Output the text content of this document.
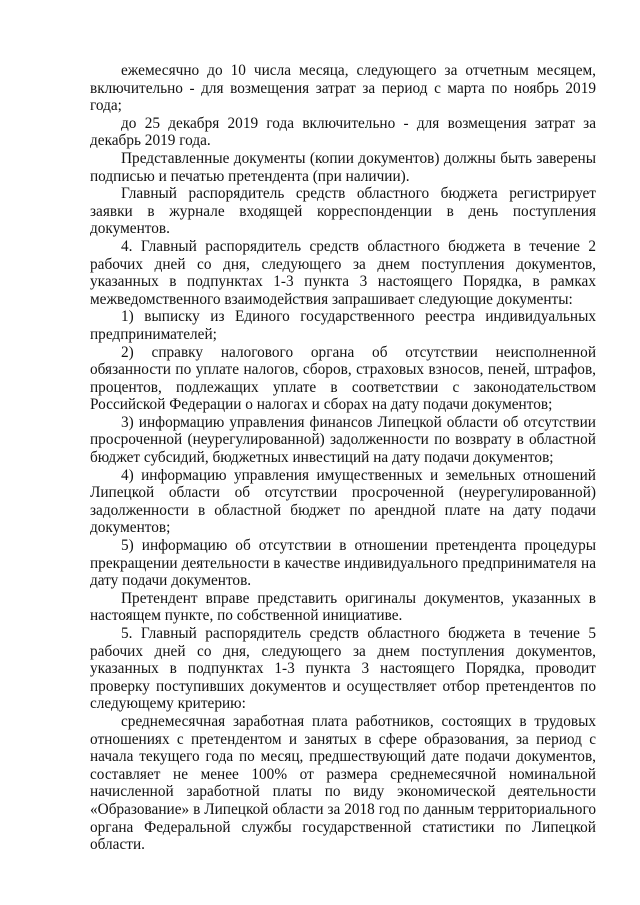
ежемесячно до 10 числа месяца, следующего за отчетным месяцем, включительно - для возмещения затрат за период с марта по ноябрь 2019 года;

до 25 декабря 2019 года включительно - для возмещения затрат за декабрь 2019 года.

Представленные документы (копии документов) должны быть заверены подписью и печатью претендента (при наличии).

Главный распорядитель средств областного бюджета регистрирует заявки в журнале входящей корреспонденции в день поступления документов.

4. Главный распорядитель средств областного бюджета в течение 2 рабочих дней со дня, следующего за днем поступления документов, указанных в подпунктах 1-3 пункта 3 настоящего Порядка, в рамках межведомственного взаимодействия запрашивает следующие документы:

1) выписку из Единого государственного реестра индивидуальных предпринимателей;

2) справку налогового органа об отсутствии неисполненной обязанности по уплате налогов, сборов, страховых взносов, пеней, штрафов, процентов, подлежащих уплате в соответствии с законодательством Российской Федерации о налогах и сборах на дату подачи документов;

3) информацию управления финансов Липецкой области об отсутствии просроченной (неурегулированной) задолженности по возврату в областной бюджет субсидий, бюджетных инвестиций на дату подачи документов;

4) информацию управления имущественных и земельных отношений Липецкой области об отсутствии просроченной (неурегулированной) задолженности в областной бюджет по арендной плате на дату подачи документов;

5) информацию об отсутствии в отношении претендента процедуры прекращении деятельности в качестве индивидуального предпринимателя на дату подачи документов.

Претендент вправе представить оригиналы документов, указанных в настоящем пункте, по собственной инициативе.

5. Главный распорядитель средств областного бюджета в течение 5 рабочих дней со дня, следующего за днем поступления документов, указанных в подпунктах 1-3 пункта 3 настоящего Порядка, проводит проверку поступивших документов и осуществляет отбор претендентов по следующему критерию:

среднемесячная заработная плата работников, состоящих в трудовых отношениях с претендентом и занятых в сфере образования, за период с начала текущего года по месяц, предшествующий дате подачи документов, составляет не менее 100% от размера среднемесячной номинальной начисленной заработной платы по виду экономической деятельности «Образование» в Липецкой области за 2018 год по данным территориального органа Федеральной службы государственной статистики по Липецкой области.
